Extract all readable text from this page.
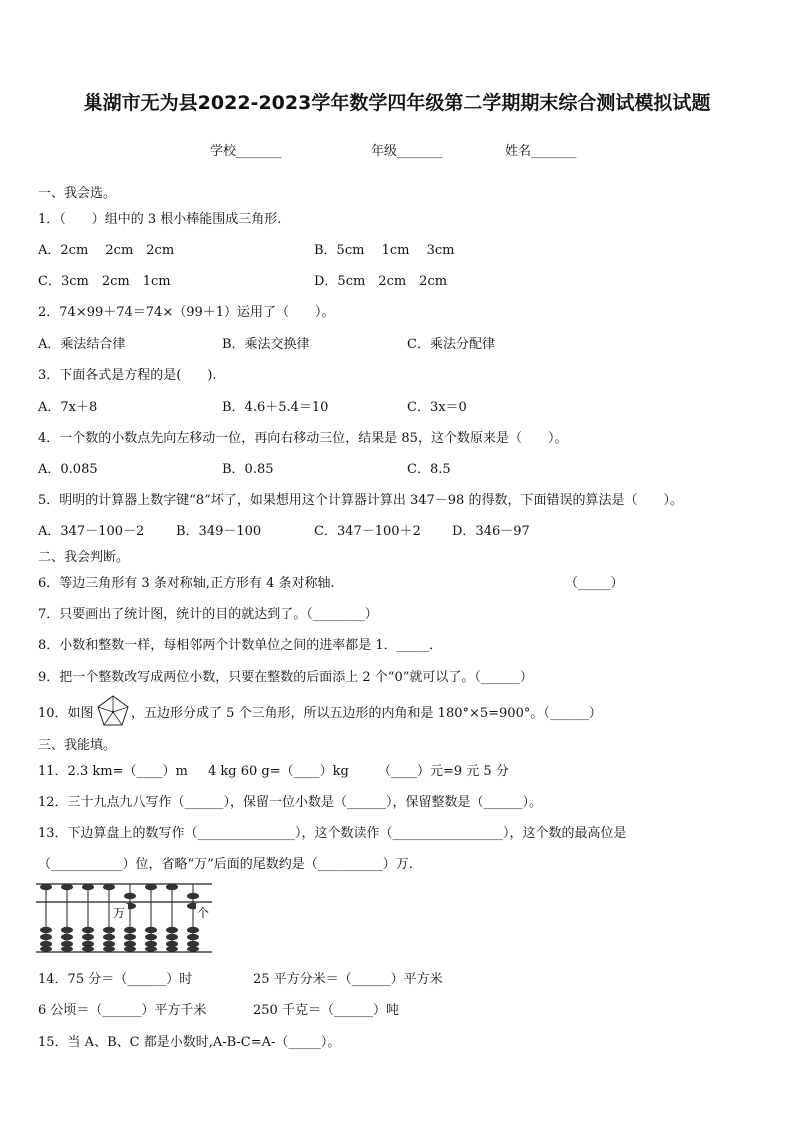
巢湖市无为县2022-2023学年数学四年级第二学期期末综合测试模拟试题
学校_______	年级_______	姓名_______
一、我会选。
1．（　　）组中的 3 根小棒能围成三角形.
A．2cm　 2cm　2cm	B．5cm　 1cm　 3cm
C．3cm　2cm　1cm	D．5cm　2cm　2cm
2．74×99＋74＝74×（99＋1）运用了（　　）。
A．乘法结合律	B．乘法交换律	C．乘法分配律
3．下面各式是方程的是(　　).
A．7x＋8	B．4.6＋5.4＝10	C．3x＝0
4．一个数的小数点先向左移动一位，再向右移动三位，结果是 85，这个数原来是（　　）。
A．0.085	B．0.85	C．8.5
5．明明的计算器上数字键“8”坏了，如果想用这个计算器计算出 347－98 的得数，下面错误的算法是（　　）。
A．347－100－2 B．349－100	C．347－100＋2 D．346－97
二、我会判断。
6．等边三角形有 3 条对称轴,正方形有 4 条对称轴.	（_____）
7．只要画出了统计图，统计的目的就达到了。（________）
8．小数和整数一样，每相邻两个计数单位之间的进率都是 1．_____．
9．把一个整数改写成两位小数，只要在整数的后面添上 2 个“0”就可以了。（______）
10．如图	，五边形分成了 5 个三角形，所以五边形的内角和是 180°×5=900°。（______）
三、我能填。
11．2.3 km=（____）m 4 kg 60 g=（____）kg （____）元=9 元 5 分
12．三十九点九八写作（______），保留一位小数是（______），保留整数是（______）。
13．下边算盘上的数写作（_______________），这个数读作（_________________），这个数的最高位是
（___________）位，省略“万”后面的尾数约是（__________）万.
万	个
14．75 分＝（______）时	25 平方分米＝（______）平方米
6 公顷＝（______）平方千米	250 千克＝（______）吨
15．当 A、B、C 都是小数时,A-B-C=A-（_____）。
